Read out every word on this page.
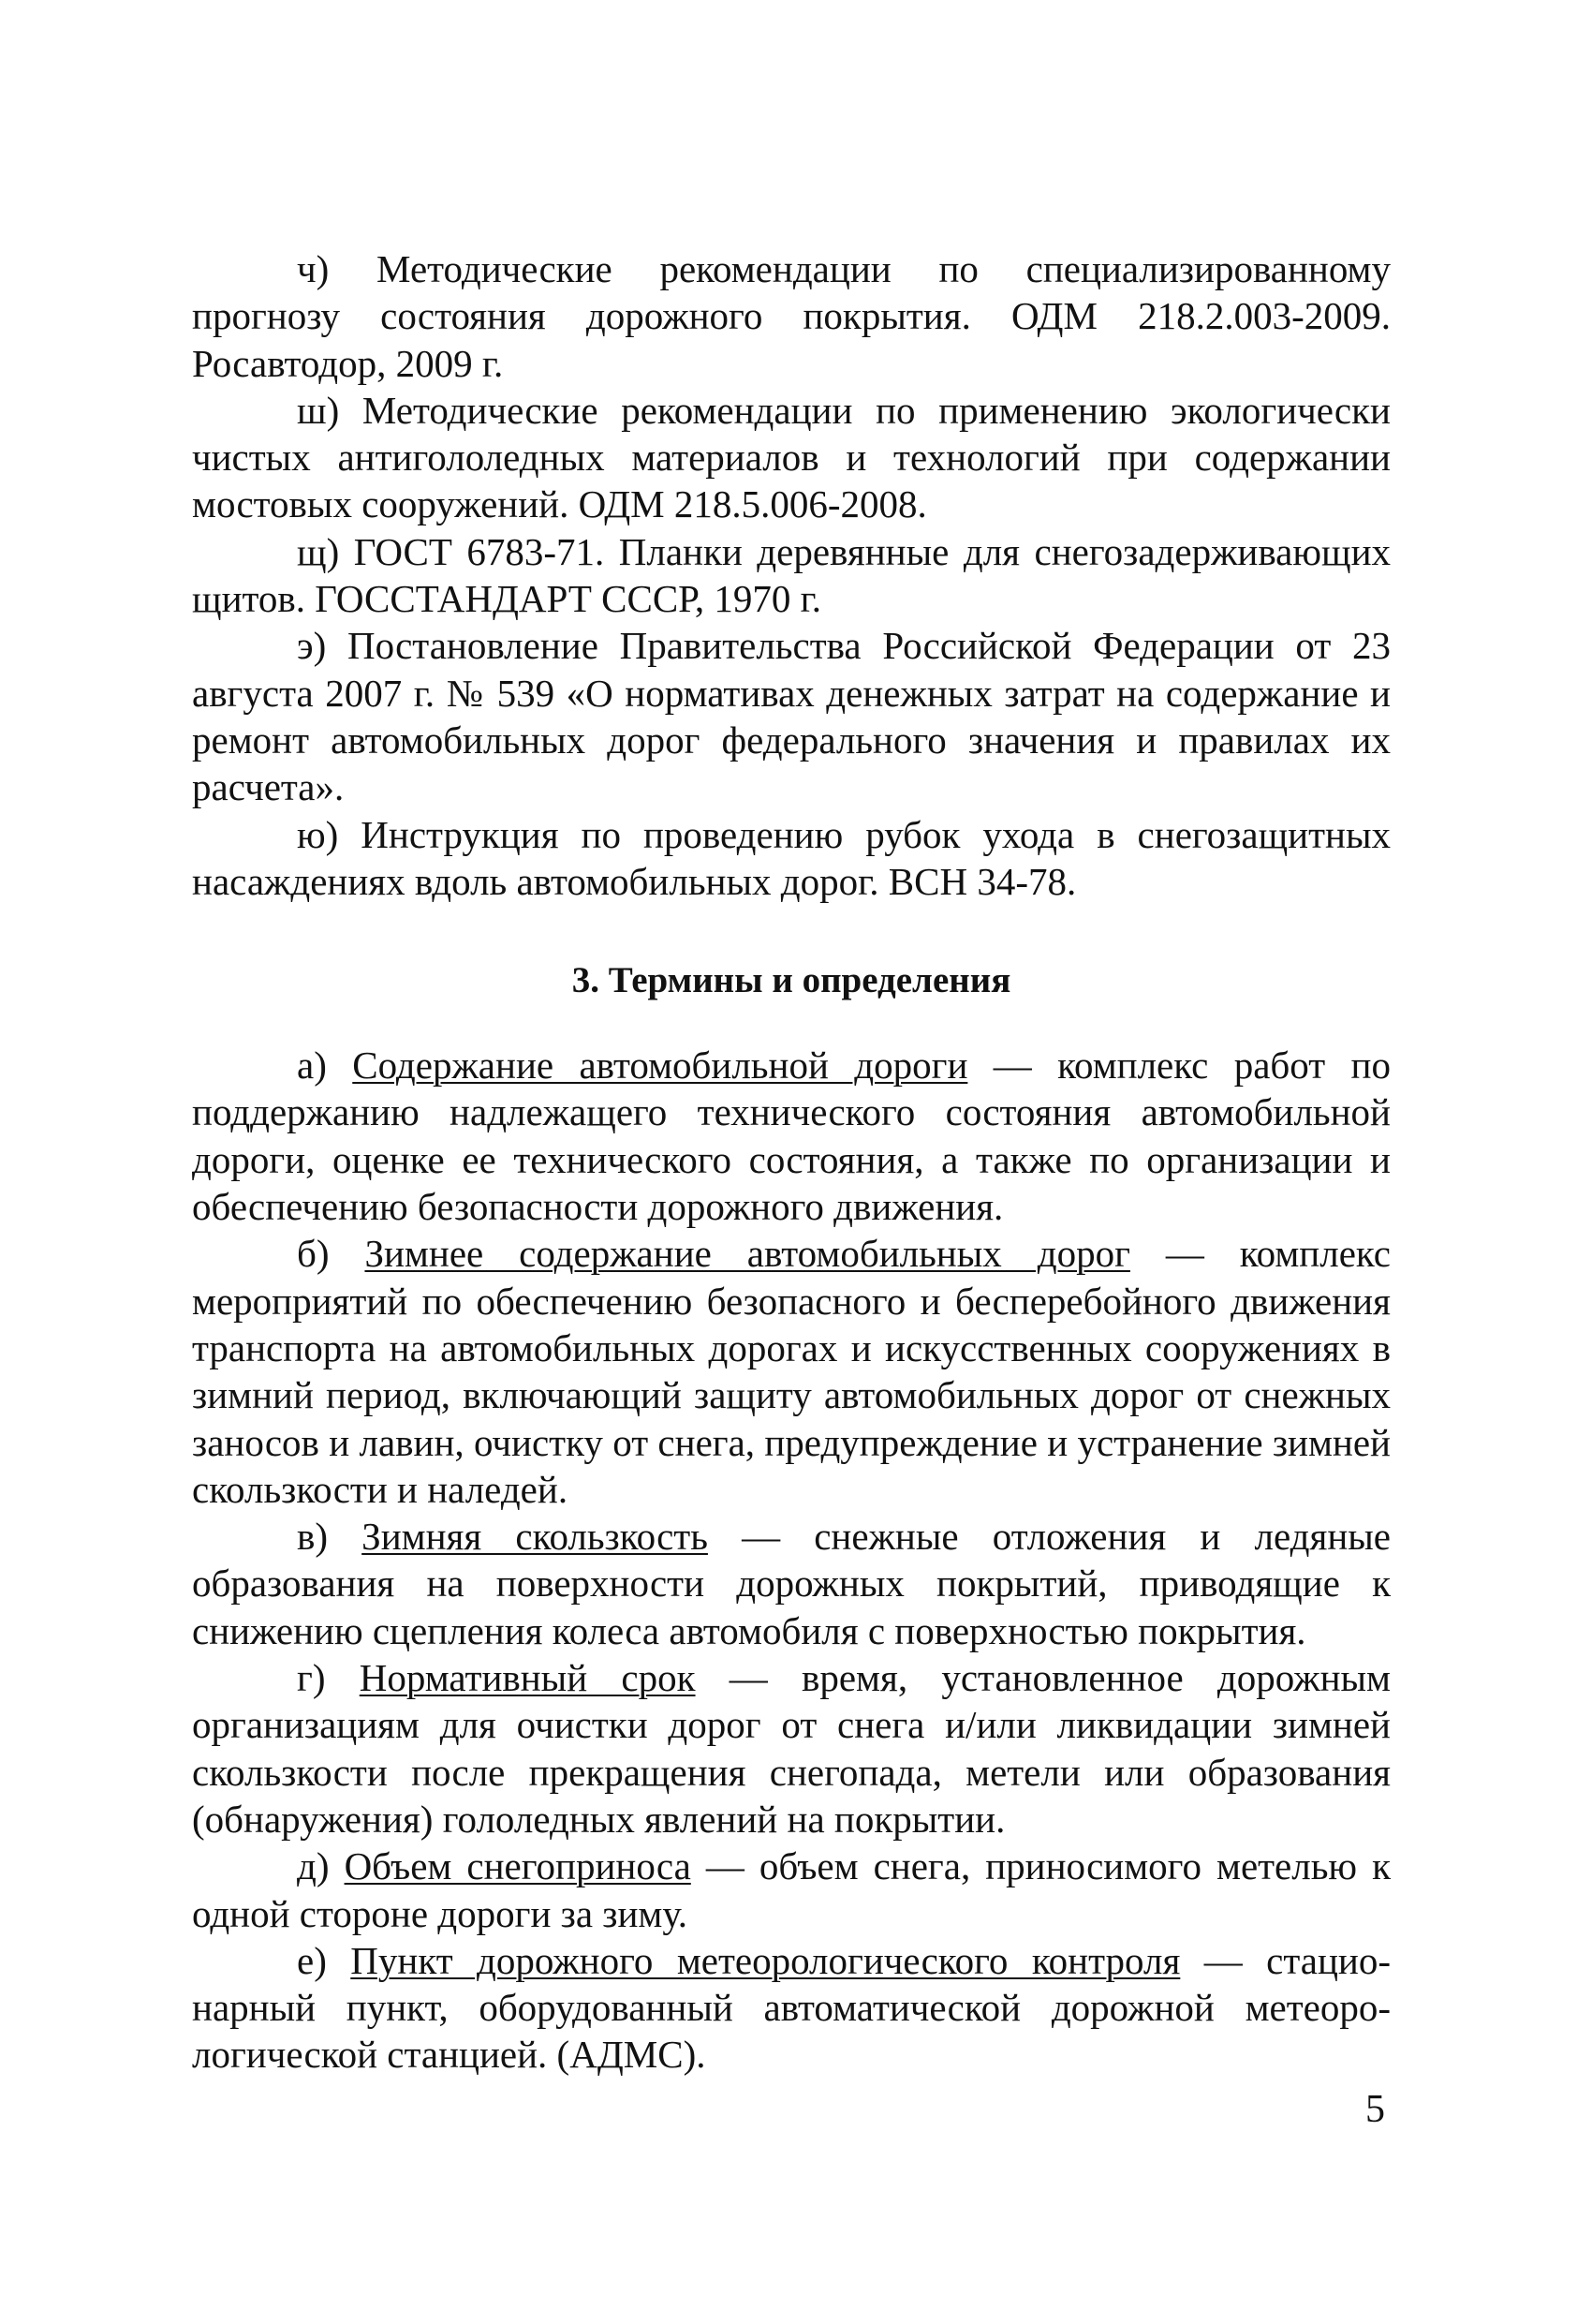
ч) Методические рекомендации по специализированному прогнозу состояния дорожного покрытия. ОДМ 218.2.003-2009. Росавтодор, 2009 г.

ш) Методические рекомендации по применению экологически чистых антигололедных материалов и технологий при содержании мостовых сооружений. ОДМ 218.5.006-2008.

щ) ГОСТ 6783-71. Планки деревянные для снегозадерживающих щитов. ГОССТАНДАРТ СССР, 1970 г.

э) Постановление Правительства Российской Федерации от 23 августа 2007 г. № 539 «О нормативах денежных затрат на содержание и ремонт автомобильных дорог федерального значения и правилах их расчета».

ю) Инструкция по проведению рубок ухода в снегозащитных насаждениях вдоль автомобильных дорог. ВСН 34-78.

3. Термины и определения

а) Содержание автомобильной дороги — комплекс работ по поддержанию надлежащего технического состояния автомобильной дороги, оценке ее технического состояния, а также по организации и обеспечению безопасности дорожного движения.

б) Зимнее содержание автомобильных дорог — комплекс мероприятий по обеспечению безопасного и бесперебойного движения транспорта на автомобильных дорогах и искусственных сооружениях в зимний период, включающий защиту автомобильных дорог от снежных заносов и лавин, очистку от снега, предупреждение и устранение зимней скользкости и наледей.

в) Зимняя скользкость — снежные отложения и ледяные образования на поверхности дорожных покрытий, приводящие к снижению сцепления колеса автомобиля с поверхностью покрытия.

г) Нормативный срок — время, установленное дорожным организациям для очистки дорог от снега и/или ликвидации зимней скользкости после прекращения снегопада, метели или образования (обнаружения) гололедных явлений на покрытии.

д) Объем снегоприноса — объем снега, приносимого метелью к одной стороне дороги за зиму.

е) Пункт дорожного метеорологического контроля — стационарный пункт, оборудованный автоматической дорожной метеорологической станцией. (АДМС).

5
